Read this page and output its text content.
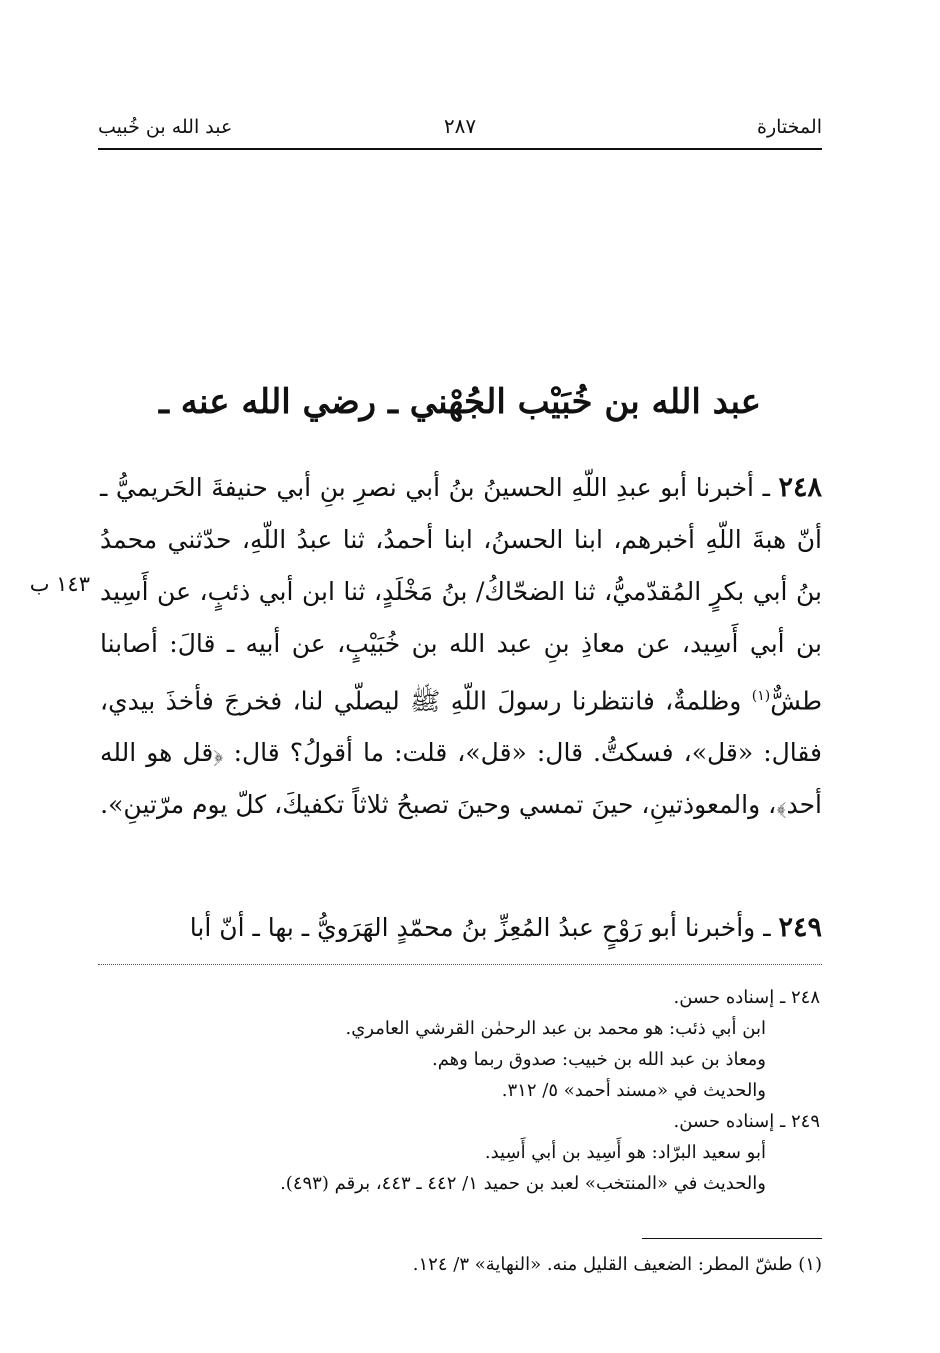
المختارة
٢٨٧
عبد الله بن خُبيب
عبد الله بن خُبَيْب الجُهْني ـ رضي الله عنه ـ
١٤٣ ب
٢٤٨ ـ أخبرنا أبو عبدِ اللّهِ الحسينُ بنُ أبي نصرِ بنِ أبي حنيفةَ الحَريميُّ ـ أنّ هبةَ اللّهِ أخبرهم، ابنا الحسنُ، ابنا أحمدُ، ثنا عبدُ اللّهِ، حدّثني محمدُ بنُ أبي بكرٍ المُقدّميُّ، ثنا الضحّاكُ/ بنُ مَخْلَدٍ، ثنا ابن أبي ذئبٍ، عن أَسِيد بن أبي أَسِيد، عن معاذِ بنِ عبد الله بن خُبَيْبٍ، عن أبيه ـ قالَ: أصابنا طشٌّ$^{(١)}$ وظلمةٌ، فانتظرنا رسولَ اللّهِ ﷺ ليصلّي لنا، فخرجَ فأخذَ بيدي، فقال: «قل»، فسكتُّ. قال: «قل»، قلت: ما أقولُ؟ قال: ﴿قل هو الله أحد﴾، والمعوذتينِ، حينَ تمسي وحينَ تصبحُ ثلاثاً تكفيكَ، كلّ يوم مرّتينِ».
٢٤٩ ـ وأخبرنا أبو رَوْحٍ عبدُ المُعِزِّ بنُ محمّدٍ الهَرَويُّ ـ بها ـ أنّ أبا
٢٤٨ ـ إسناده حسن.
ابن أبي ذئب: هو محمد بن عبد الرحمٰن القرشي العامري.
ومعاذ بن عبد الله بن خبيب: صدوق ربما وهم.
والحديث في «مسند أحمد» ٥/ ٣١٢.
٢٤٩ ـ إسناده حسن.
أبو سعيد البرّاد: هو أَسِيد بن أبي أَسِيد.
والحديث في «المنتخب» لعبد بن حميد ١/ ٤٤٢ ـ ٤٤٣، برقم (٤٩٣).
(١) طشّ المطر: الضعيف القليل منه. «النهاية» ٣/ ١٢٤.
